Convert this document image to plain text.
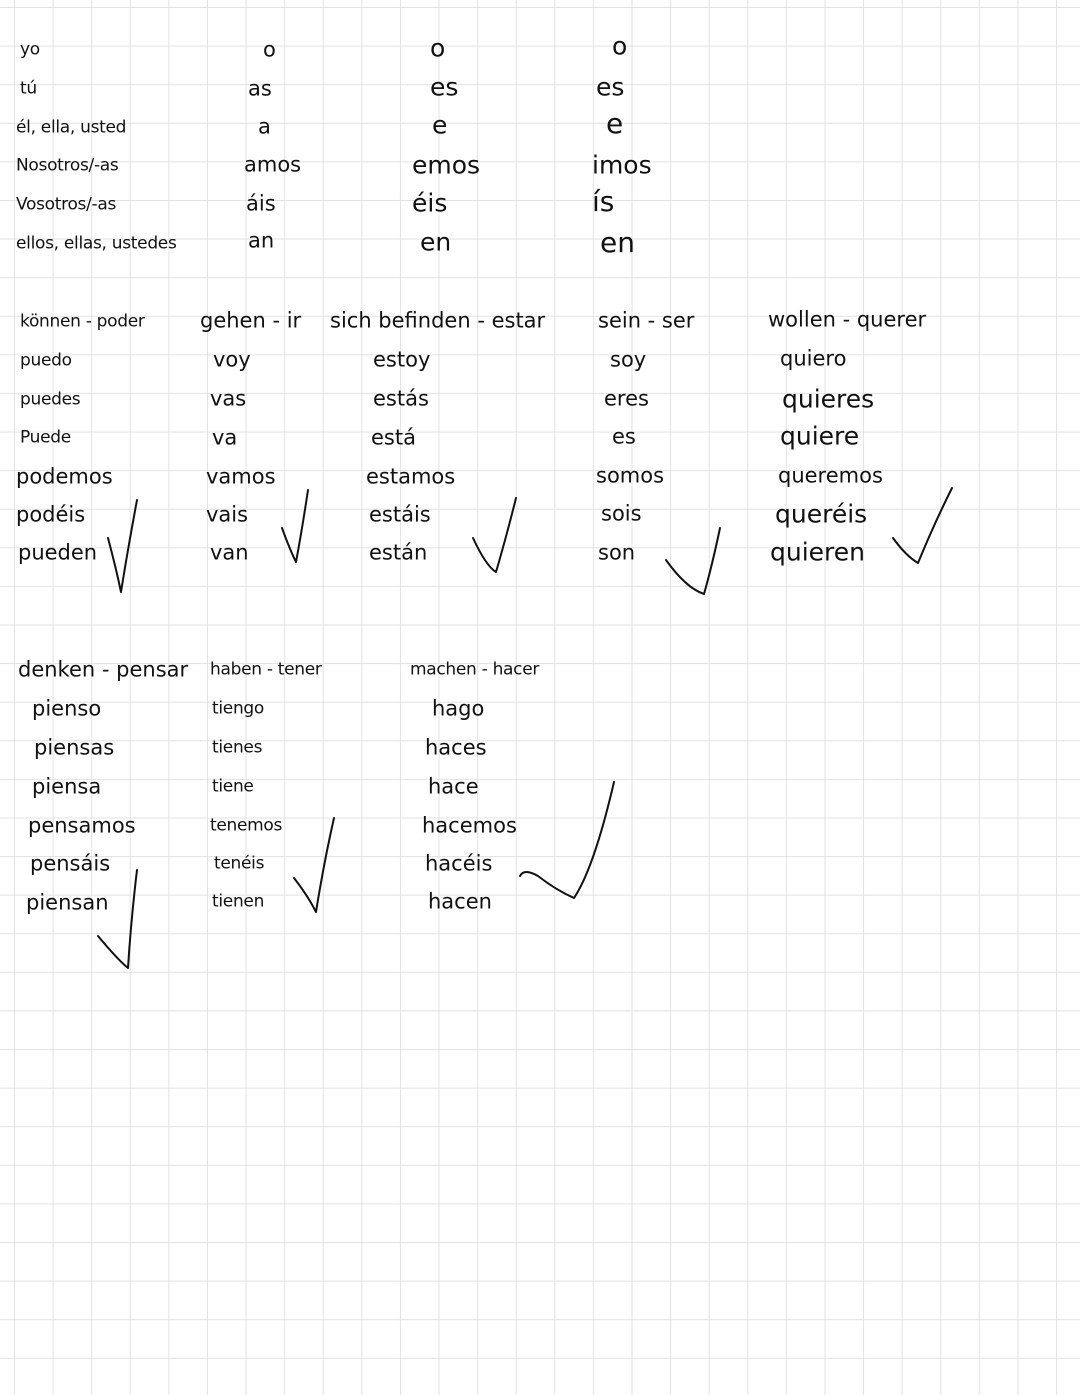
yo
tú
él, ella, usted
Nosotros/-as
Vosotros/-as
ellos, ellas, ustedes
o
as
a
amos
áis
an
o
es
e
emos
éis
en
o
es
e
imos
ís
en
können - poder
puedo
puedes
Puede
podemos
podéis
pueden
gehen - ir
voy
vas
va
vamos
vais
van
sich befinden - estar
estoy
estás
está
estamos
estáis
están
sein - ser
soy
eres
es
somos
sois
son
wollen - querer
quiero
quieres
quiere
queremos
queréis
quieren
denken - pensar
pienso
piensas
piensa
pensamos
pensáis
piensan
haben - tener
tiengo
tienes
tiene
tenemos
tenéis
tienen
machen - hacer
hago
haces
hace
hacemos
hacéis
hacen
